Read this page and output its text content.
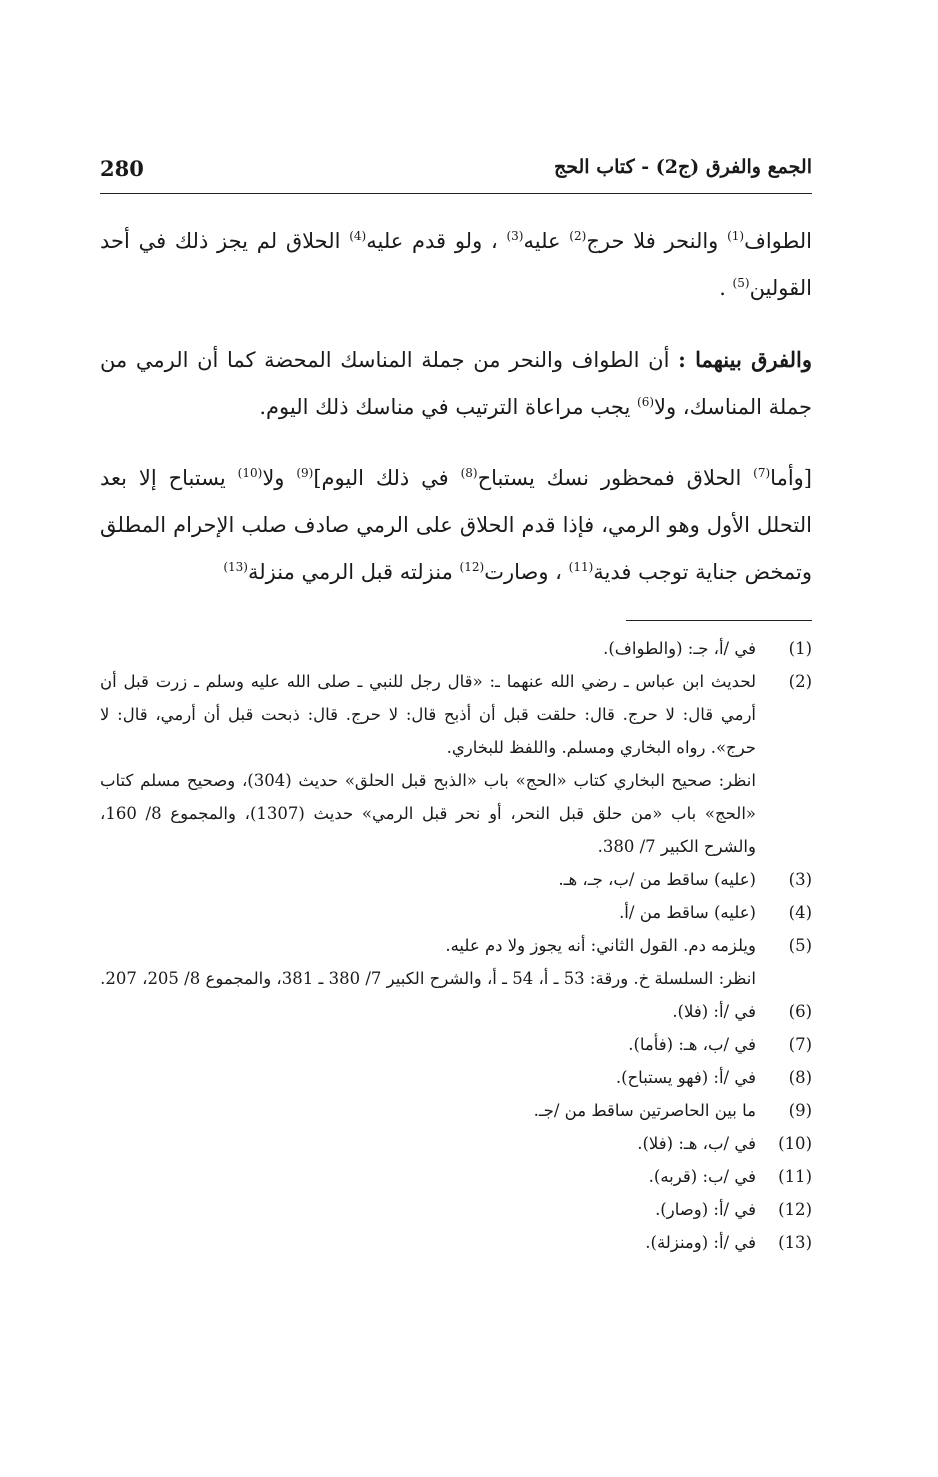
الجمع والفرق (ج2) - كتاب الحج
280

الطواف$^{(1)}$ والنحر فلا حرج$^{(2)}$ عليه$^{(3)}$ ، ولو قدم عليه$^{(4)}$ الحلاق لم يجز ذلك في أحد القولين$^{(5)}$ .

والفرق بينهما : أن الطواف والنحر من جملة المناسك المحضة كما أن الرمي من جملة المناسك، ولا$^{(6)}$ يجب مراعاة الترتيب في مناسك ذلك اليوم.

[وأما$^{(7)}$ الحلاق فمحظور نسك يستباح$^{(8)}$ في ذلك اليوم]$^{(9)}$ ولا$^{(10)}$ يستباح إلا بعد التحلل الأول وهو الرمي، فإذا قدم الحلاق على الرمي صادف صلب الإحرام المطلق وتمخض جناية توجب فدية$^{(11)}$ ، وصارت$^{(12)}$ منزلته قبل الرمي منزلة$^{(13)}$

(1)
في /أ، جـ: (والطواف).
(2)
لحديث ابن عباس ـ رضي الله عنهما ـ: «قال رجل للنبي ـ صلى الله عليه وسلم ـ زرت قبل أن أرمي قال: لا حرج. قال: حلقت قبل أن أذبح قال: لا حرج. قال: ذبحت قبل أن أرمي، قال: لا حرج». رواه البخاري ومسلم. واللفظ للبخاري.
انظر: صحيح البخاري كتاب «الحج» باب «الذبح قبل الحلق» حديث (304)، وصحيح مسلم كتاب «الحج» باب «من حلق قبل النحر، أو نحر قبل الرمي» حديث (1307)، والمجموع 8/ 160، والشرح الكبير 7/ 380.
(3)
(عليه) ساقط من /ب، جـ، هـ.
(4)
(عليه) ساقط من /أ.
(5)
ويلزمه دم. القول الثاني: أنه يجوز ولا دم عليه.
انظر: السلسلة خ. ورقة: 53 ـ أ، 54 ـ أ، والشرح الكبير 7/ 380 ـ 381، والمجموع 8/ 205، 207.
(6)
في /أ: (فلا).
(7)
في /ب، هـ: (فأما).
(8)
في /أ: (فهو يستباح).
(9)
ما بين الحاصرتين ساقط من /جـ.
(10)
في /ب، هـ: (فلا).
(11)
في /ب: (قربه).
(12)
في /أ: (وصار).
(13)
في /أ: (ومنزلة).
